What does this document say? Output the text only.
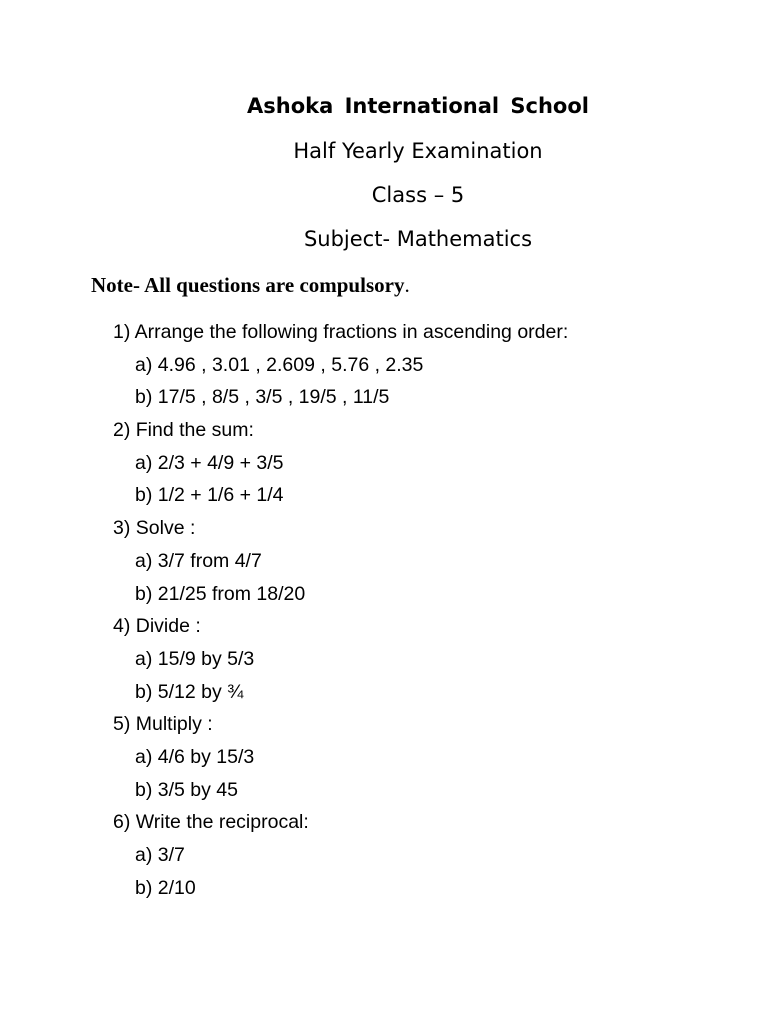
Ashoka International School
Half Yearly Examination
Class – 5
Subject- Mathematics
Note- All questions are compulsory.
1) Arrange the following fractions in ascending order:
a) 4.96 , 3.01 , 2.609 , 5.76 , 2.35
b) 17/5 , 8/5 , 3/5 , 19/5 , 11/5
2) Find the sum:
a) 2/3 + 4/9 + 3/5
b) 1/2 + 1/6 + 1/4
3) Solve :
a) 3/7 from 4/7
b) 21/25 from 18/20
4) Divide :
a) 15/9 by 5/3
b) 5/12 by ¾
5) Multiply :
a) 4/6 by 15/3
b) 3/5 by 45
6) Write the reciprocal:
a) 3/7
b) 2/10
